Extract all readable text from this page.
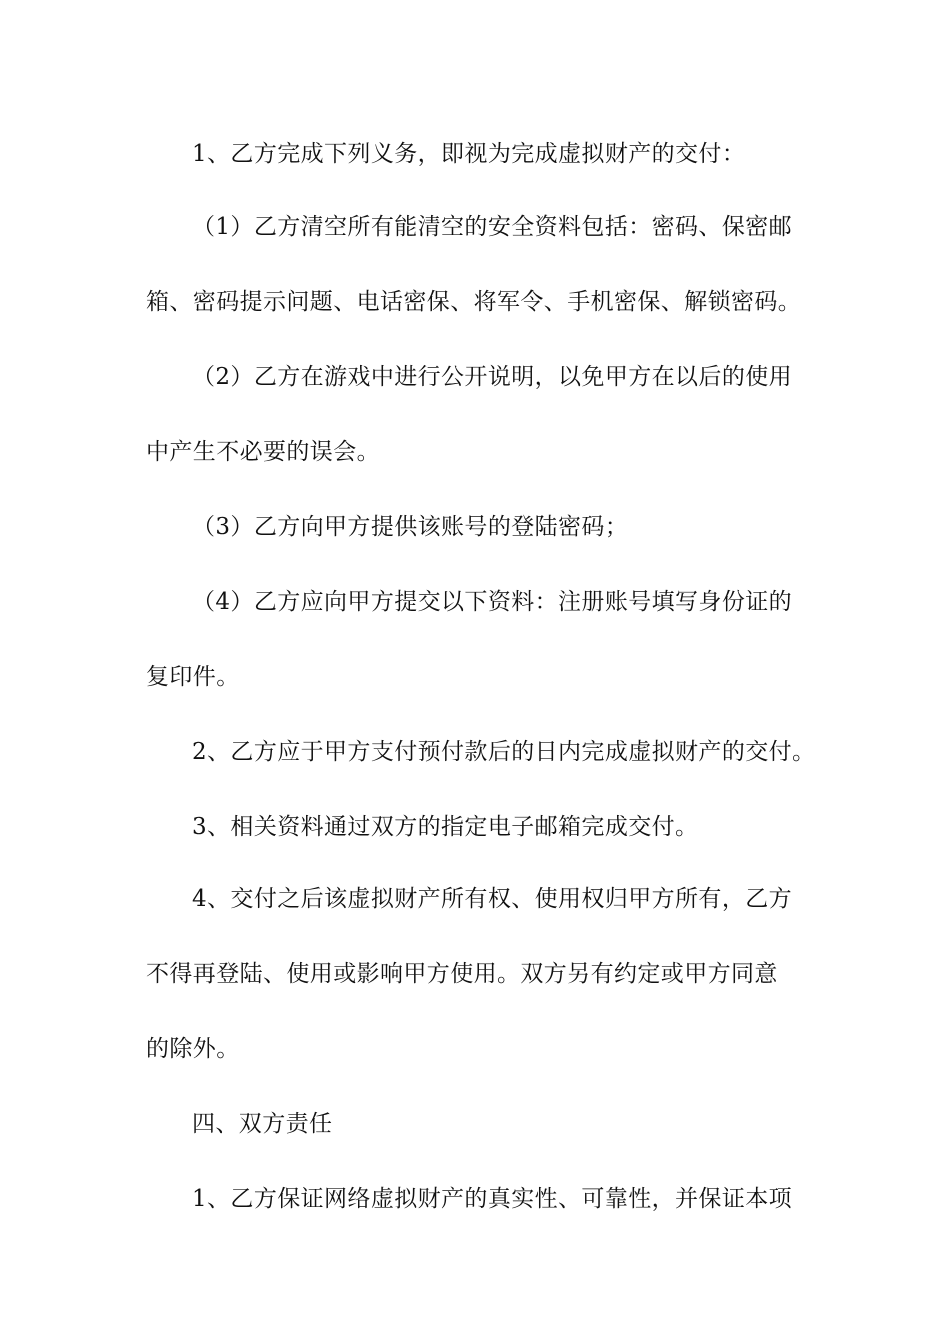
1、乙方完成下列义务，即视为完成虚拟财产的交付：
（1）乙方清空所有能清空的安全资料包括：密码、保密邮
箱、密码提示问题、电话密保、将军令、手机密保、解锁密码。
（2）乙方在游戏中进行公开说明，以免甲方在以后的使用
中产生不必要的误会。
（3）乙方向甲方提供该账号的登陆密码；
（4）乙方应向甲方提交以下资料：注册账号填写身份证的
复印件。
2、乙方应于甲方支付预付款后的日内完成虚拟财产的交付。
3、相关资料通过双方的指定电子邮箱完成交付。
4、交付之后该虚拟财产所有权、使用权归甲方所有，乙方
不得再登陆、使用或影响甲方使用。双方另有约定或甲方同意
的除外。
四、双方责任
1、乙方保证网络虚拟财产的真实性、可靠性，并保证本项
